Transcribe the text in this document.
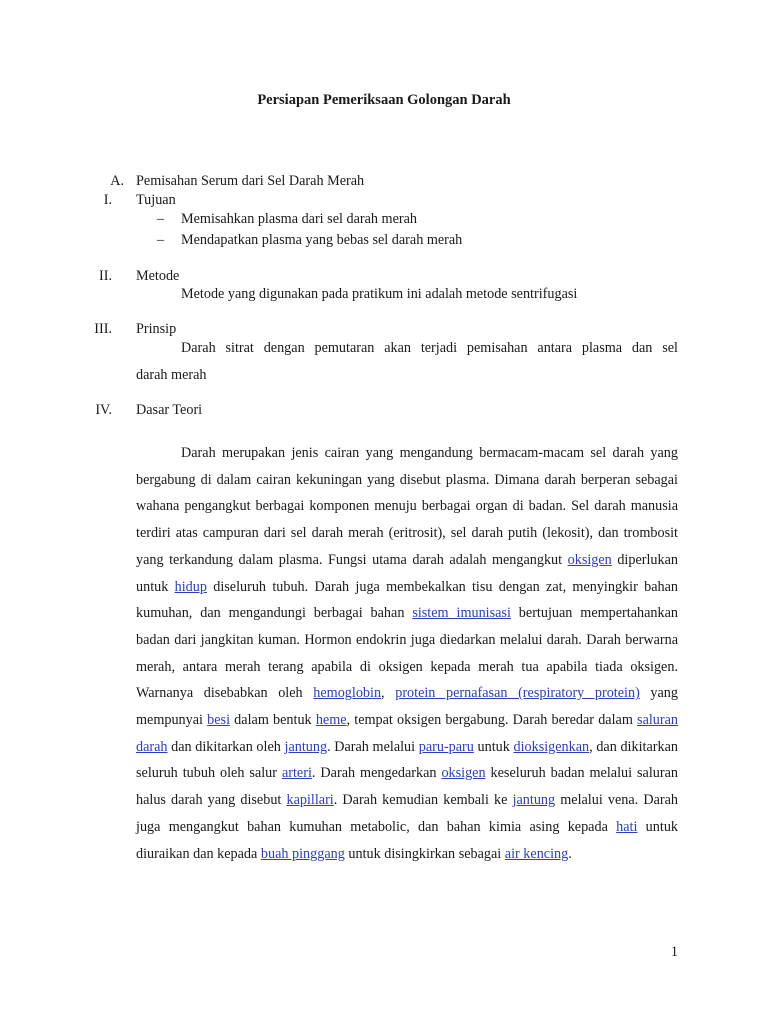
Persiapan Pemeriksaan Golongan Darah
A. Pemisahan Serum dari Sel Darah Merah
I. Tujuan
– Memisahkan plasma dari sel darah merah
– Mendapatkan plasma yang bebas sel darah merah
II. Metode
Metode yang digunakan pada pratikum ini adalah metode sentrifugasi
III. Prinsip
Darah sitrat dengan pemutaran akan terjadi pemisahan antara plasma dan sel
darah merah
IV. Dasar Teori

Darah merupakan jenis cairan yang mengandung bermacam-macam sel darah yang bergabung di dalam cairan kekuningan yang disebut plasma. Dimana darah berperan sebagai wahana pengangkut berbagai komponen menuju berbagai organ di badan. Sel darah manusia terdiri atas campuran dari sel darah merah (eritrosit), sel darah putih (lekosit), dan trombosit yang terkandung dalam plasma. Fungsi utama darah adalah mengangkut oksigen diperlukan untuk hidup diseluruh tubuh. Darah juga membekalkan tisu dengan zat, menyingkir bahan kumuhan, dan mengandungi berbagai bahan sistem imunisasi bertujuan mempertahankan badan dari jangkitan kuman. Hormon endokrin juga diedarkan melalui darah. Darah berwarna merah, antara merah terang apabila di oksigen kepada merah tua apabila tiada oksigen. Warnanya disebabkan oleh hemoglobin, protein pernafasan (respiratory protein) yang mempunyai besi dalam bentuk heme, tempat oksigen bergabung. Darah beredar dalam saluran darah dan dikitarkan oleh jantung. Darah melalui paru-paru untuk dioksigenkan, dan dikitarkan seluruh tubuh oleh salur arteri. Darah mengedarkan oksigen keseluruh badan melalui saluran halus darah yang disebut kapillari. Darah kemudian kembali ke jantung melalui vena. Darah juga mengangkut bahan kumuhan metabolic, dan bahan kimia asing kepada hati untuk diuraikan dan kepada buah pinggang untuk disingkirkan sebagai air kencing.

1
